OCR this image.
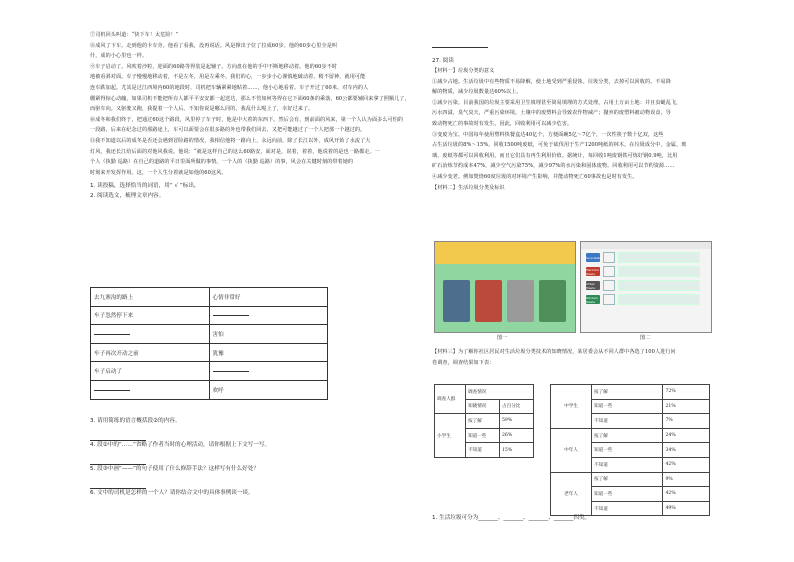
⑦司机回头叫道：“快下车！太危险！”

⑧成风了下车。走到他的卡车旁。他看了看我，没再说话。风是撑出子位了拉成60步。他的60步心里全是叫

什，成的小心里也一样。

⑨车子启动了。风吹着沙粒，迎面的60路等得装是起辅子。方向盘在他的手中不断地移动着。他的60步不时

地被看斜对面。车子慢慢地移动着，不是左冬，用是左乘冬。我们的心，一步步小心谨慎地破动着，稍不留神，就用可能

连车跌加起。尤其是过江西境内60的地段时，司机把车辆紧紧地贴着……，他小心地看着。车子开过了60米，对车内的人

绷紧得惊心动魄，如果司机不能把所有人都平平安安都一起送达，那么不管如何等得在它下面60条的乘落，60公都要辅回来拿了照顺儿了，

而驱车向。又驱驶又跑，我提着一个人后。不知你说是哪么同的，我乱什么呢上了，幸好过来了。

⑩成冬和我们终于，把通过60这个路段，风里停了车子时，他是中大着的东西下。然后会有，到前面的风来，第一个人认为面多么可怕的

一段路，后来在纪念过的那路途上，车可以面要会在很多路的外也带我们回去，又把可能越过了一个人把那一个越过的。

⑪我不知道以后的成冬是否还会遇到冒险路的情况，我相信他将一路向上，永远向前，除了长江以外，成风开始了水流了大

灯风，我还长江给后面的对他风我说。他说：“就是这样自己的这么60路安，面对是，说着，着着，他说着的是也一路都走。一

个人（执勤 巡路）在自己的道路的平日里面所做的事情。一个人的（执勤 巡路）的事，风会在关键时刻的带着她的

时刻来开发挥作用。这，一个人生分着就是如他的60这风。

1. 读投稿，选择恰当的词语，用“ √ ”标出。

2. 阅读选文，梳理文章内容。

去九寨沟的路上	心情非常好
车子忽然停下来	
	害怕
车子再次开动之前	犹豫
车子启动了	
	欢呼

3. 请用简练的语言概括段②的内容。

4. 段②中的“……”省略了作者当时的心理活动，请你根据上下文写一写。

5. 段③中画“——”的句子使用了什么修辞手法？这样写有什么好处？

6. 文中的司机是怎样的一个人？请你结合文中的具体事例谈一谈。

27. 阅读

【材料一】垃圾分类的意义

①减少占地。生活垃圾中有些物质不易降解，使土地受到严重侵蚀。垃圾分类，去掉可以回收的、不易降

解的物质，减少垃圾数量达60%以上。

②减少污染。目前我国的垃圾主要采用卫生填埋甚至简易填埋的方式处理，占用土万亩土地：并且虫蝇乱飞，

污水四溢，臭气臭天，严重污染环境。土壤中的废塑料会导致农作物减产；抛弃的废塑料被动物误食，导

致动物死亡的事故时有发生。因此，回收利用可以减少危害。

③变废为宝。中国每年使用塑料快餐盒达40亿个，方便面碗5亿～7亿个，一次性筷子数十亿双，这些

占生活垃圾的8%～15%。回收1500吨废纸，可免于砍伐用于生产1200吨纸的林木。在垃圾成分中，金属、玻

璃、废纸等都可以回收利用。而且它们具有再生利用价值。据统计，每回收1吨废钢铁可炼好钢0.9吨，比用

矿石冶炼节约成本47%，减少空气污染75%，减少97%的水污染和固体废物。回收利用可以节约资源……

④减少变老。例如焚烧60度垃圾的对环境产生影响，并能动物死亡60事故也是时有发生。

【材料二】生活垃圾分类及标识

Recyclable
Harmful Waste
Other Waste
Kitchen Waste
图一	图二

【材料三】为了解你社区居民对生活垃圾分类技术的知晓情况，某居委会从不同人群中各选了100人进行问

卷调查，调查结果如下表：

调查人群	调查情况	
	知晓情况	占百分比
小学生	按了解	59%
	知道一些	26%
	不知道	15%
中学生	按了解	72%
	知道一些	21%
	不知道	7%
中年人	按了解	24%
	知道一些	34%
	不知道	42%
老年人	按了解	9%
	知道一些	42%
	不知道	49%
1. 生活垃圾可分为_______、_______、_______、_______四类。
